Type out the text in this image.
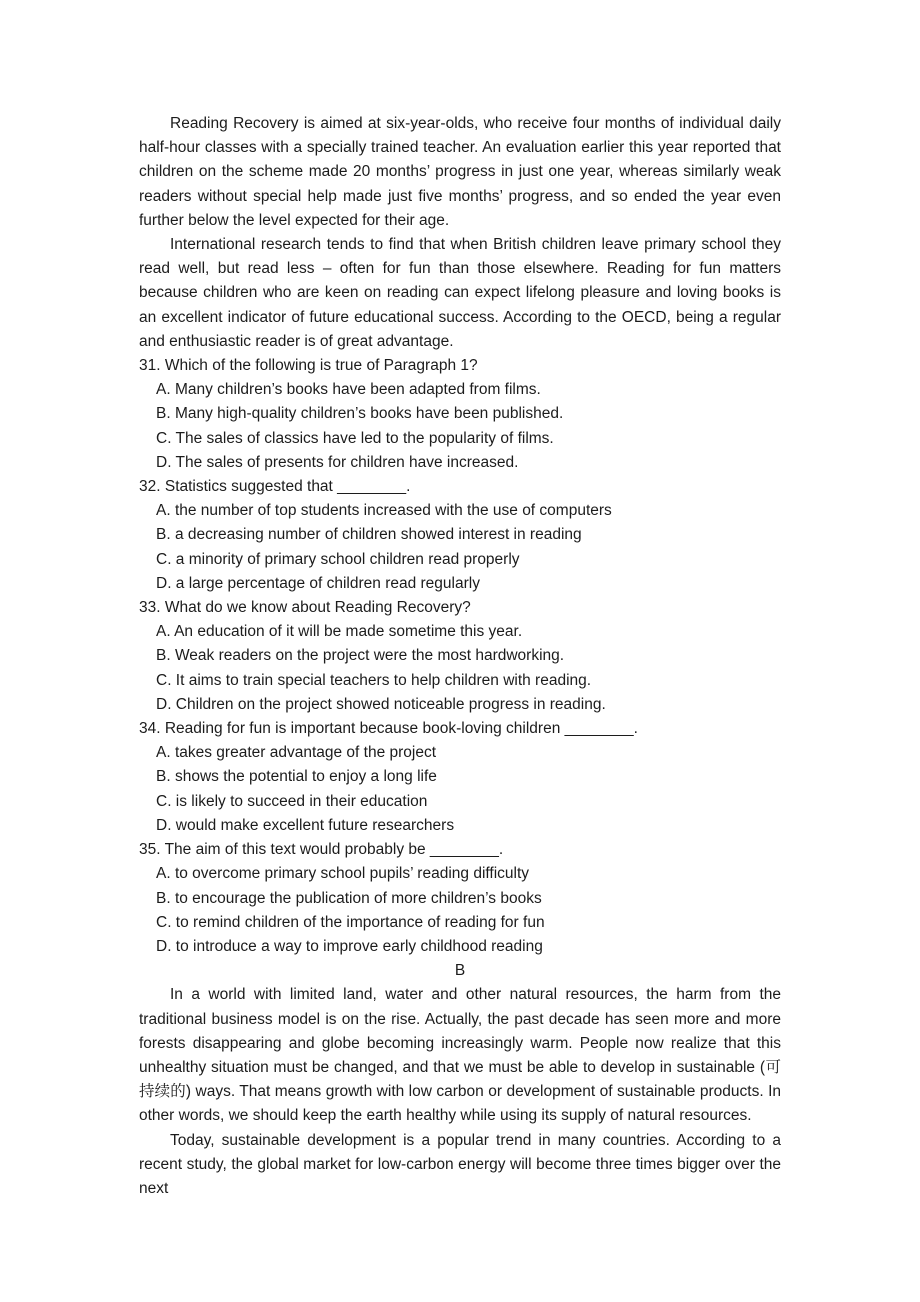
Reading Recovery is aimed at six-year-olds, who receive four months of individual daily half-hour classes with a specially trained teacher. An evaluation earlier this year reported that children on the scheme made 20 months’ progress in just one year, whereas similarly weak readers without special help made just five months’ progress, and so ended the year even further below the level expected for their age.

International research tends to find that when British children leave primary school they read well, but read less – often for fun than those elsewhere. Reading for fun matters because children who are keen on reading can expect lifelong pleasure and loving books is an excellent indicator of future educational success. According to the OECD, being a regular and enthusiastic reader is of great advantage.

31. Which of the following is true of Paragraph 1?
A. Many children’s books have been adapted from films.
B. Many high-quality children’s books have been published.
C. The sales of classics have led to the popularity of films.
D. The sales of presents for children have increased.
32. Statistics suggested that ________.
A. the number of top students increased with the use of computers
B. a decreasing number of children showed interest in reading
C. a minority of primary school children read properly
D. a large percentage of children read regularly
33. What do we know about Reading Recovery?
A. An education of it will be made sometime this year.
B. Weak readers on the project were the most hardworking.
C. It aims to train special teachers to help children with reading.
D. Children on the project showed noticeable progress in reading.
34. Reading for fun is important because book-loving children ________.
A. takes greater advantage of the project
B. shows the potential to enjoy a long life
C. is likely to succeed in their education
D. would make excellent future researchers
35. The aim of this text would probably be ________.
A. to overcome primary school pupils’ reading difficulty
B. to encourage the publication of more children’s books
C. to remind children of the importance of reading for fun
D. to introduce a way to improve early childhood reading
B

In a world with limited land, water and other natural resources, the harm from the traditional business model is on the rise. Actually, the past decade has seen more and more forests disappearing and globe becoming increasingly warm. People now realize that this unhealthy situation must be changed, and that we must be able to develop in sustainable (可持续的) ways. That means growth with low carbon or development of sustainable products. In other words, we should keep the earth healthy while using its supply of natural resources.

Today, sustainable development is a popular trend in many countries. According to a recent study, the global market for low-carbon energy will become three times bigger over the next
